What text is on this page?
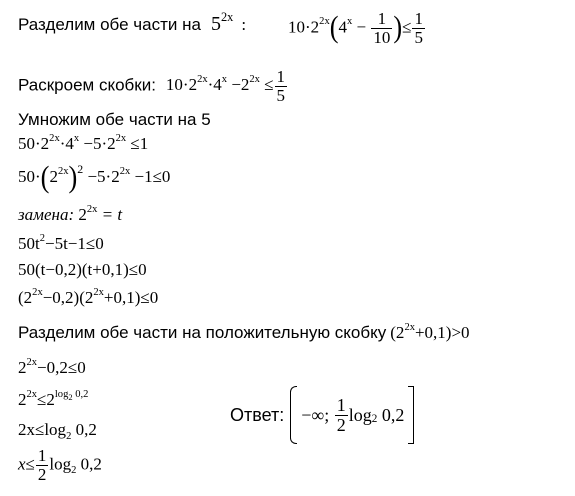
Разделим обе части на $5^{2x}$ : $10\cdot 2^{2x}(4^x - \frac{1}{10}$ )≤ $\frac{1}{5}$
Раскроем скобки: $10\cdot 2^{2x}\cdot 4^x -2^{2x} \le \frac{1}{5}$
Умножим обе части на 5
$50\cdot 2^{2x}\cdot 4^x -5\cdot 2^{2x} \le 1$
$50\cdot(2^{2x})^2 -5\cdot 2^{2x} -1\le 0$
замена: $2^{2x} = t$
$50t^2-5t-1\le 0$
50(t−0,2)(t+0,1)≤0
$(2^{2x}-0,2)(2^{2x}+0,1)\le 0$
Разделим обе части на положительную скобку $(2^{2x}+0,1)>0$
$2^{2x}-0,2\le 0$
$2^{2x}\le 2^{log_2 0,2}$
$2x\le\log_2$ 0,2
$x\le \frac{1}{2} \log_2 0,2$
Ответ: −∞;
$\frac{1}{2} \log_2$
0,2
